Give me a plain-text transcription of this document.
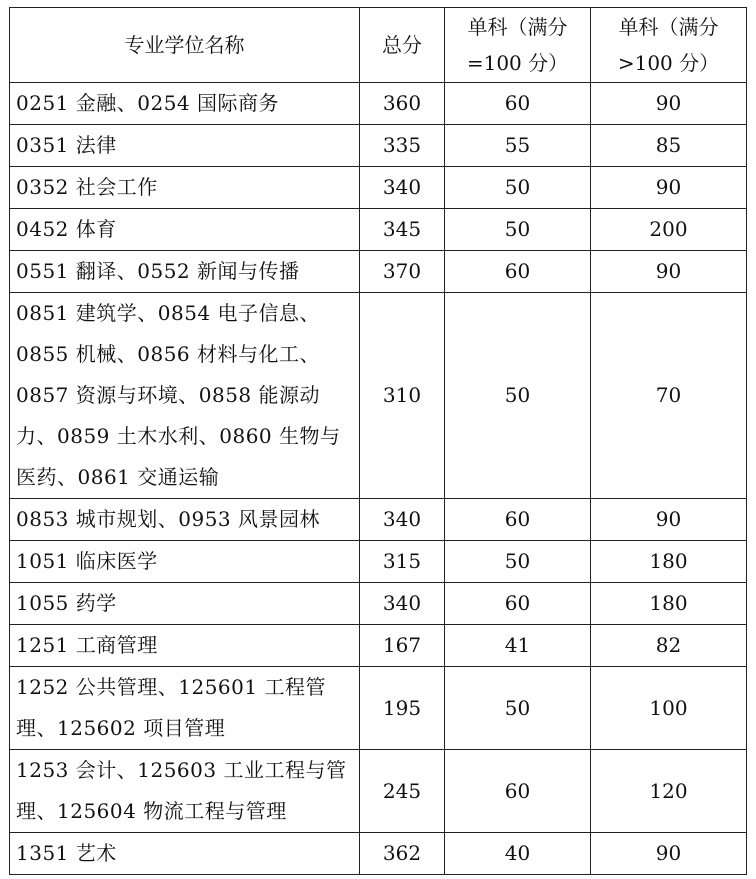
专业学位名称	总分	单科（满分=100 分）	单科（满分>100 分）
0251 金融、0254 国际商务	360	60	90
0351 法律	335	55	85
0352 社会工作	340	50	90
0452 体育	345	50	200
0551 翻译、0552 新闻与传播	370	60	90
0851 建筑学、0854 电子信息、0855 机械、0856 材料与化工、0857 资源与环境、0858 能源动力、0859 土木水利、0860 生物与医药、0861 交通运输	310	50	70
0853 城市规划、0953 风景园林	340	60	90
1051 临床医学	315	50	180
1055 药学	340	60	180
1251 工商管理	167	41	82
1252 公共管理、125601 工程管理、125602 项目管理	195	50	100
1253 会计、125603 工业工程与管理、125604 物流工程与管理	245	60	120
1351 艺术	362	40	90
